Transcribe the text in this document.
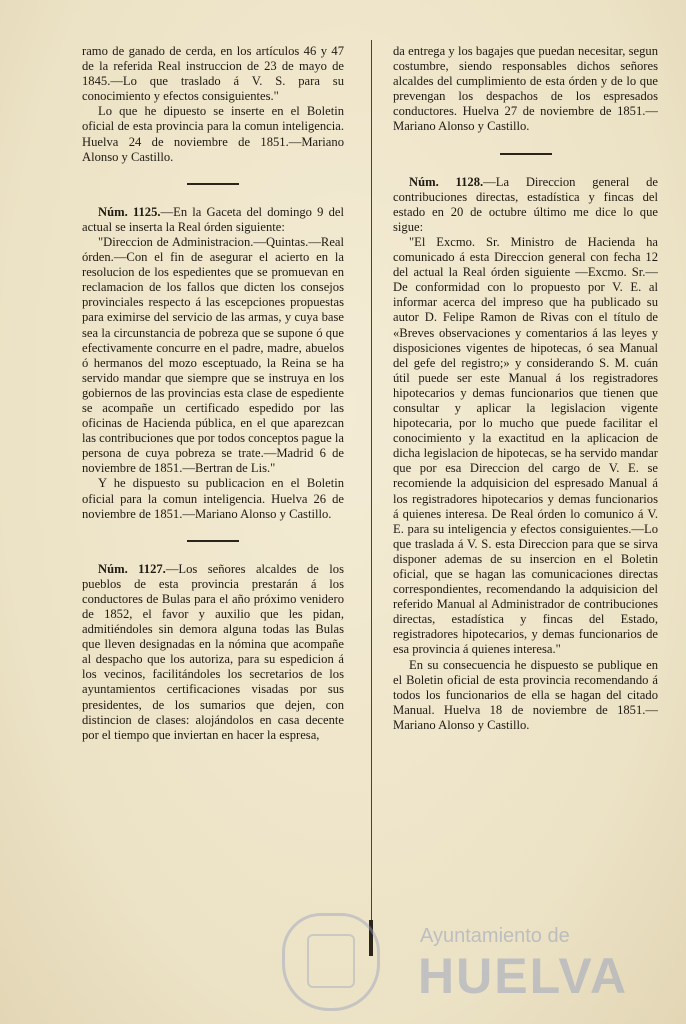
ramo de ganado de cerda, en los artículos 46 y 47 de la referida Real instruccion de 23 de mayo de 1845.—Lo que traslado á V. S. para su conocimiento y efectos consiguientes."

Lo que he dipuesto se inserte en el Boletin oficial de esta provincia para la comun inteligencia. Huelva 24 de noviembre de 1851.—Mariano Alonso y Castillo.

Núm. 1125.—En la Gaceta del domingo 9 del actual se inserta la Real órden siguiente:

"Direccion de Administracion.—Quintas.—Real órden.—Con el fin de asegurar el acierto en la resolucion de los espedientes que se promuevan en reclamacion de los fallos que dicten los consejos provinciales respecto á las escepciones propuestas para eximirse del servicio de las armas, y cuya base sea la circunstancia de pobreza que se supone ó que efectivamente concurre en el padre, madre, abuelos ó hermanos del mozo esceptuado, la Reina se ha servido mandar que siempre que se instruya en los gobiernos de las provincias esta clase de espediente se acompañe un certificado espedido por las oficinas de Hacienda pública, en el que aparezcan las contribuciones que por todos conceptos pague la persona de cuya pobreza se trate.—Madrid 6 de noviembre de 1851.—Bertran de Lis."

Y he dispuesto su publicacion en el Boletin oficial para la comun inteligencia. Huelva 26 de noviembre de 1851.—Mariano Alonso y Castillo.

Núm. 1127.—Los señores alcaldes de los pueblos de esta provincia prestarán á los conductores de Bulas para el año próximo venidero de 1852, el favor y auxilio que les pidan, admitiéndoles sin demora alguna todas las Bulas que lleven designadas en la nómina que acompañe al despacho que los autoriza, para su espedicion á los vecinos, facilitándoles los secretarios de los ayuntamientos certificaciones visadas por sus presidentes, de los sumarios que dejen, con distincion de clases: alojándolos en casa decente por el tiempo que inviertan en hacer la espresa,

da entrega y los bagajes que puedan necesitar, segun costumbre, siendo responsables dichos señores alcaldes del cumplimiento de esta órden y de lo que prevengan los despachos de los espresados conductores. Huelva 27 de noviembre de 1851.—Mariano Alonso y Castillo.

Núm. 1128.—La Direccion general de contribuciones directas, estadística y fincas del estado en 20 de octubre último me dice lo que sigue:

"El Excmo. Sr. Ministro de Hacienda ha comunicado á esta Direccion general con fecha 12 del actual la Real órden siguiente —Excmo. Sr.—De conformidad con lo propuesto por V. E. al informar acerca del impreso que ha publicado su autor D. Felipe Ramon de Rivas con el título de «Breves observaciones y comentarios á las leyes y disposiciones vigentes de hipotecas, ó sea Manual del gefe del registro;» y considerando S. M. cuán útil puede ser este Manual á los registradores hipotecarios y demas funcionarios que tienen que consultar y aplicar la legislacion vigente hipotecaria, por lo mucho que puede facilitar el conocimiento y la exactitud en la aplicacion de dicha legislacion de hipotecas, se ha servido mandar que por esa Direccion del cargo de V. E. se recomiende la adquisicion del espresado Manual á los registradores hipotecarios y demas funcionarios á quienes interesa. De Real órden lo comunico á V. E. para su inteligencia y efectos consiguientes.—Lo que traslada á V. S. esta Direccion para que se sirva disponer ademas de su insercion en el Boletin oficial, que se hagan las comunicaciones directas correspondientes, recomendando la adquisicion del referido Manual al Administrador de contribuciones directas, estadística y fincas del Estado, registradores hipotecarios, y demas funcionarios de esa provincia á quienes interesa."

En su consecuencia he dispuesto se publique en el Boletin oficial de esta provincia recomendando á todos los funcionarios de ella se hagan del citado Manual. Huelva 18 de noviembre de 1851.—Mariano Alonso y Castillo.

Ayuntamiento de
HUELVA
